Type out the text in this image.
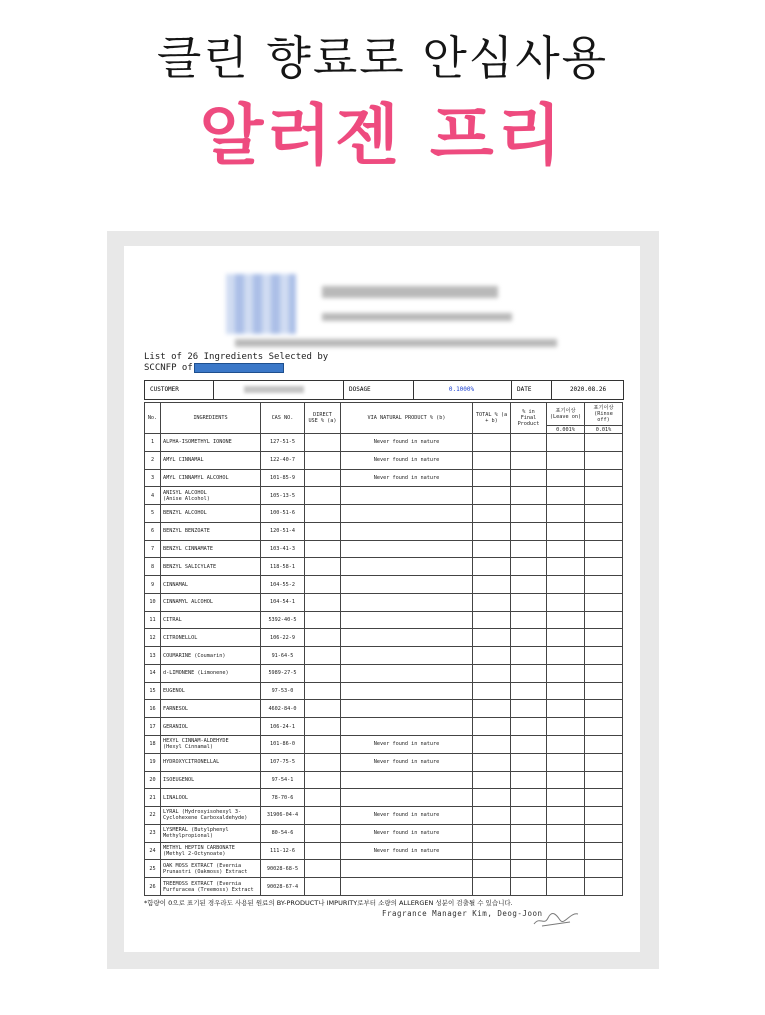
클린 향료로 안심사용
알러젠 프리
List of 26 Ingredients Selected by
SCCNFP of
CUSTOMER	DOSAGE	0.1000%	DATE	2020.08.26
No.	INGREDIENTS	CAS NO.	DIRECT USE % (a)	VIA NATURAL PRODUCT % (b)	TOTAL % (a + b)	% in Final Product	표기이상 (Leave on)	표기이상 (Rinse off)
							0.001%	0.01%
1	ALPHA-ISOMETHYL IONONE	127-51-5		Never found in nature				
2	AMYL CINNAMAL	122-40-7		Never found in nature				
3	AMYL CINNAMYL ALCOHOL	101-85-9		Never found in nature				
4	ANISYL ALCOHOL
(Anise Alcohol)	105-13-5						
5	BENZYL ALCOHOL	100-51-6						
6	BENZYL BENZOATE	120-51-4						
7	BENZYL CINNAMATE	103-41-3						
8	BENZYL SALICYLATE	118-58-1						
9	CINNAMAL	104-55-2						
10	CINNAMYL ALCOHOL	104-54-1						
11	CITRAL	5392-40-5						
12	CITRONELLOL	106-22-9						
13	COUMARINE (Coumarin)	91-64-5						
14	d-LIMONENE (Limonene)	5989-27-5						
15	EUGENOL	97-53-0						
16	FARNESOL	4602-84-0						
17	GERANIOL	106-24-1						
18	HEXYL CINNAM-ALDEHYDE
(Hexyl Cinnamal)	101-86-0		Never found in nature				
19	HYDROXYCITRONELLAL	107-75-5		Never found in nature				
20	ISOEUGENOL	97-54-1						
21	LINALOOL	78-70-6						
22	LYRAL (Hydroxyisohexyl 3-
Cyclohexene Carboxaldehyde)	31906-04-4		Never found in nature				
23	LYSMERAL (Butylphenyl
Methylpropional)	80-54-6		Never found in nature				
24	METHYL HEPTIN CARBONATE
(Methyl 2-Octynoate)	111-12-6		Never found in nature				
25	OAK MOSS EXTRACT (Evernia
Prunastri (Oakmoss) Extract	90028-68-5						
26	TREEMOSS EXTRACT (Evernia
Furfuracea (Treemoss) Extract	90028-67-4						
*함량이 0으로 표기된 경우라도 사용된 원료의 BY-PRODUCT나 IMPURITY로부터 소량의 ALLERGEN 성분이 검출될 수 있습니다.
Fragrance Manager Kim, Deog-Joon
